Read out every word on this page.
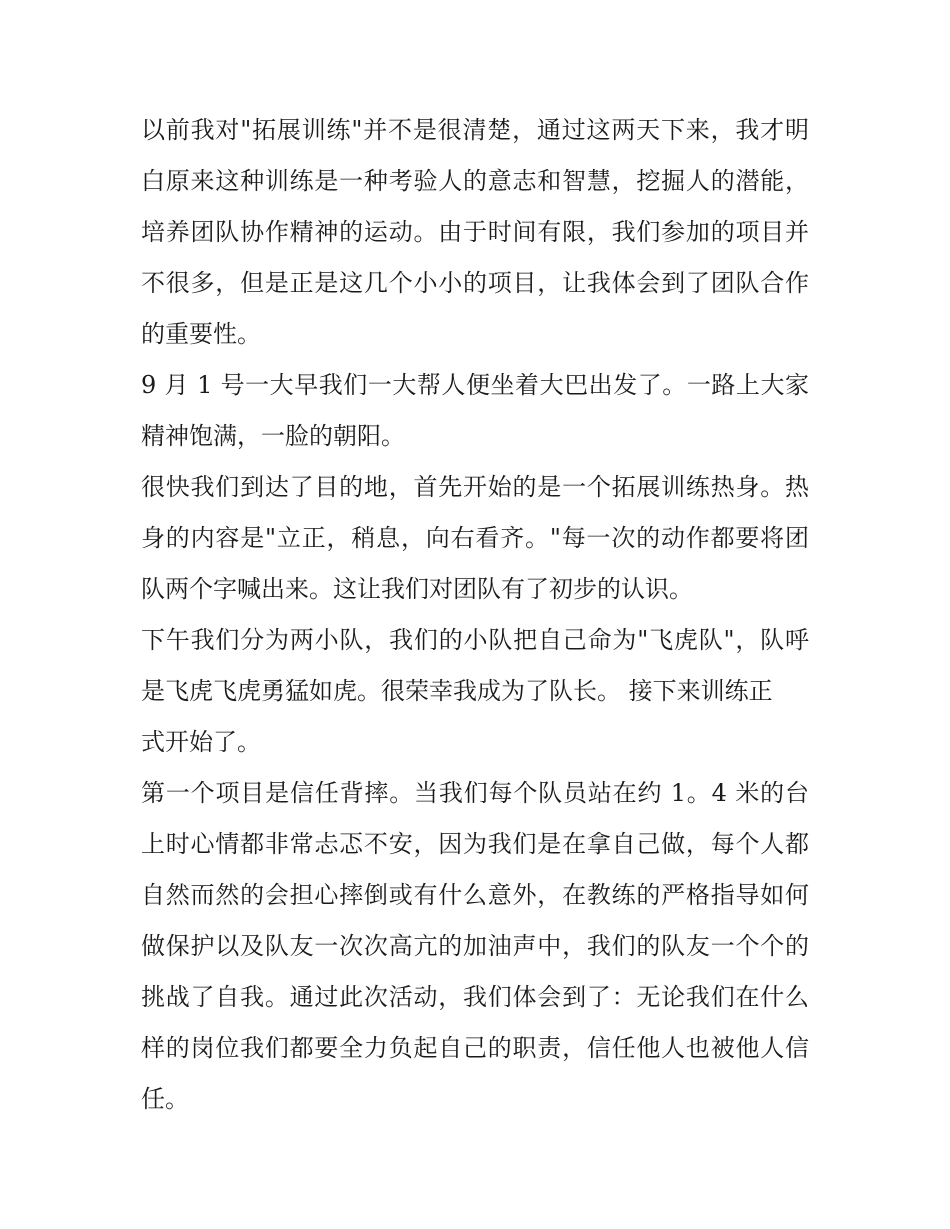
以前我对"拓展训练"并不是很清楚，通过这两天下来，我才明
白原来这种训练是一种考验人的意志和智慧，挖掘人的潜能，
培养团队协作精神的运动。由于时间有限，我们参加的项目并
不很多，但是正是这几个小小的项目，让我体会到了团队合作
的重要性。
9 月 1 号一大早我们一大帮人便坐着大巴出发了。一路上大家
精神饱满，一脸的朝阳。
很快我们到达了目的地，首先开始的是一个拓展训练热身。热
身的内容是"立正，稍息，向右看齐。"每一次的动作都要将团
队两个字喊出来。这让我们对团队有了初步的认识。
下午我们分为两小队，我们的小队把自己命为"飞虎队"，队呼
是飞虎飞虎勇猛如虎。很荣幸我成为了队长。 接下来训练正
式开始了。
第一个项目是信任背摔。当我们每个队员站在约 1。4 米的台
上时心情都非常忐忑不安，因为我们是在拿自己做，每个人都
自然而然的会担心摔倒或有什么意外，在教练的严格指导如何
做保护以及队友一次次高亢的加油声中，我们的队友一个个的
挑战了自我。通过此次活动，我们体会到了：无论我们在什么
样的岗位我们都要全力负起自己的职责，信任他人也被他人信
任。
